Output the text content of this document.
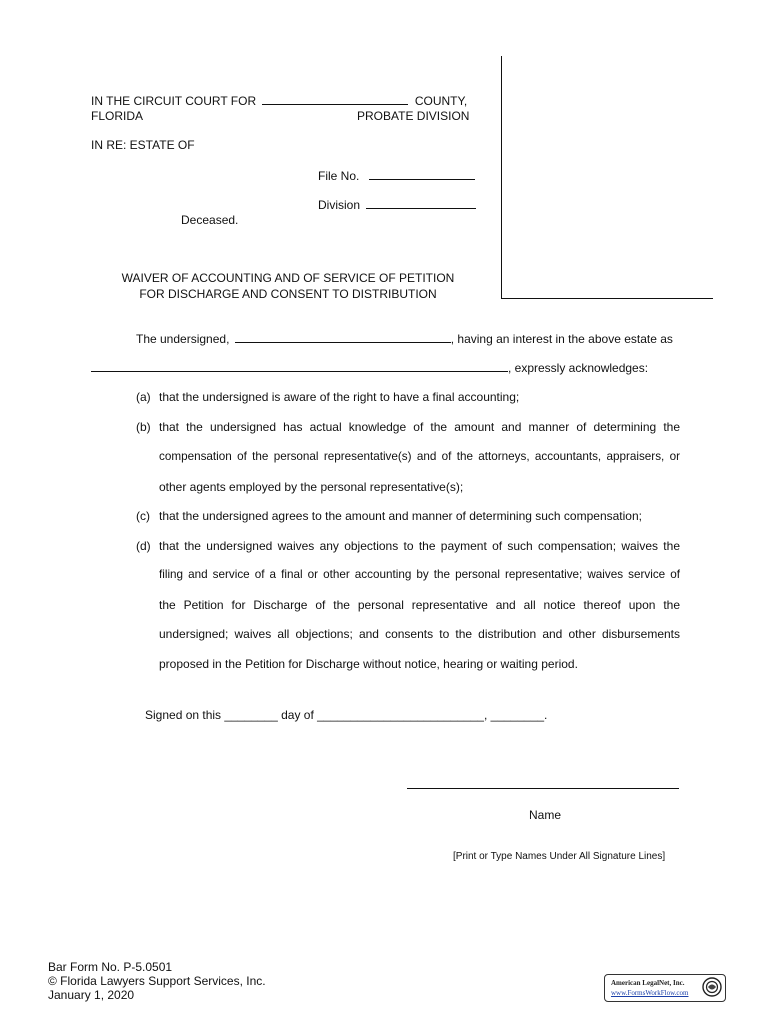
IN THE CIRCUIT COURT FOR	COUNTY,
FLORIDA	PROBATE DIVISION
IN RE: ESTATE OF
File No.
Division
Deceased.
WAIVER OF ACCOUNTING AND OF SERVICE OF PETITION
FOR DISCHARGE AND CONSENT TO DISTRIBUTION
The undersigned,	, having an interest in the above estate as
, expressly acknowledges:
(a) that the undersigned is aware of the right to have a final accounting;
(b) that the undersigned has actual knowledge of the amount and manner of determining the
compensation of the personal representative(s) and of the attorneys, accountants, appraisers, or
other agents employed by the personal representative(s);
(c) that the undersigned agrees to the amount and manner of determining such compensation;
(d) that the undersigned waives any objections to the payment of such compensation; waives the
filing and service of a final or other accounting by the personal representative; waives service of
the Petition for Discharge of the personal representative and all notice thereof upon the
undersigned; waives all objections; and consents to the distribution and other disbursements
proposed in the Petition for Discharge without notice, hearing or waiting period.
Signed on this ________ day of _________________________, ________.
Name
[Print or Type Names Under All Signature Lines]
Bar Form No. P-5.0501
© Florida Lawyers Support Services, Inc.
January 1, 2020
American LegalNet, Inc.
www.FormsWorkFlow.com
